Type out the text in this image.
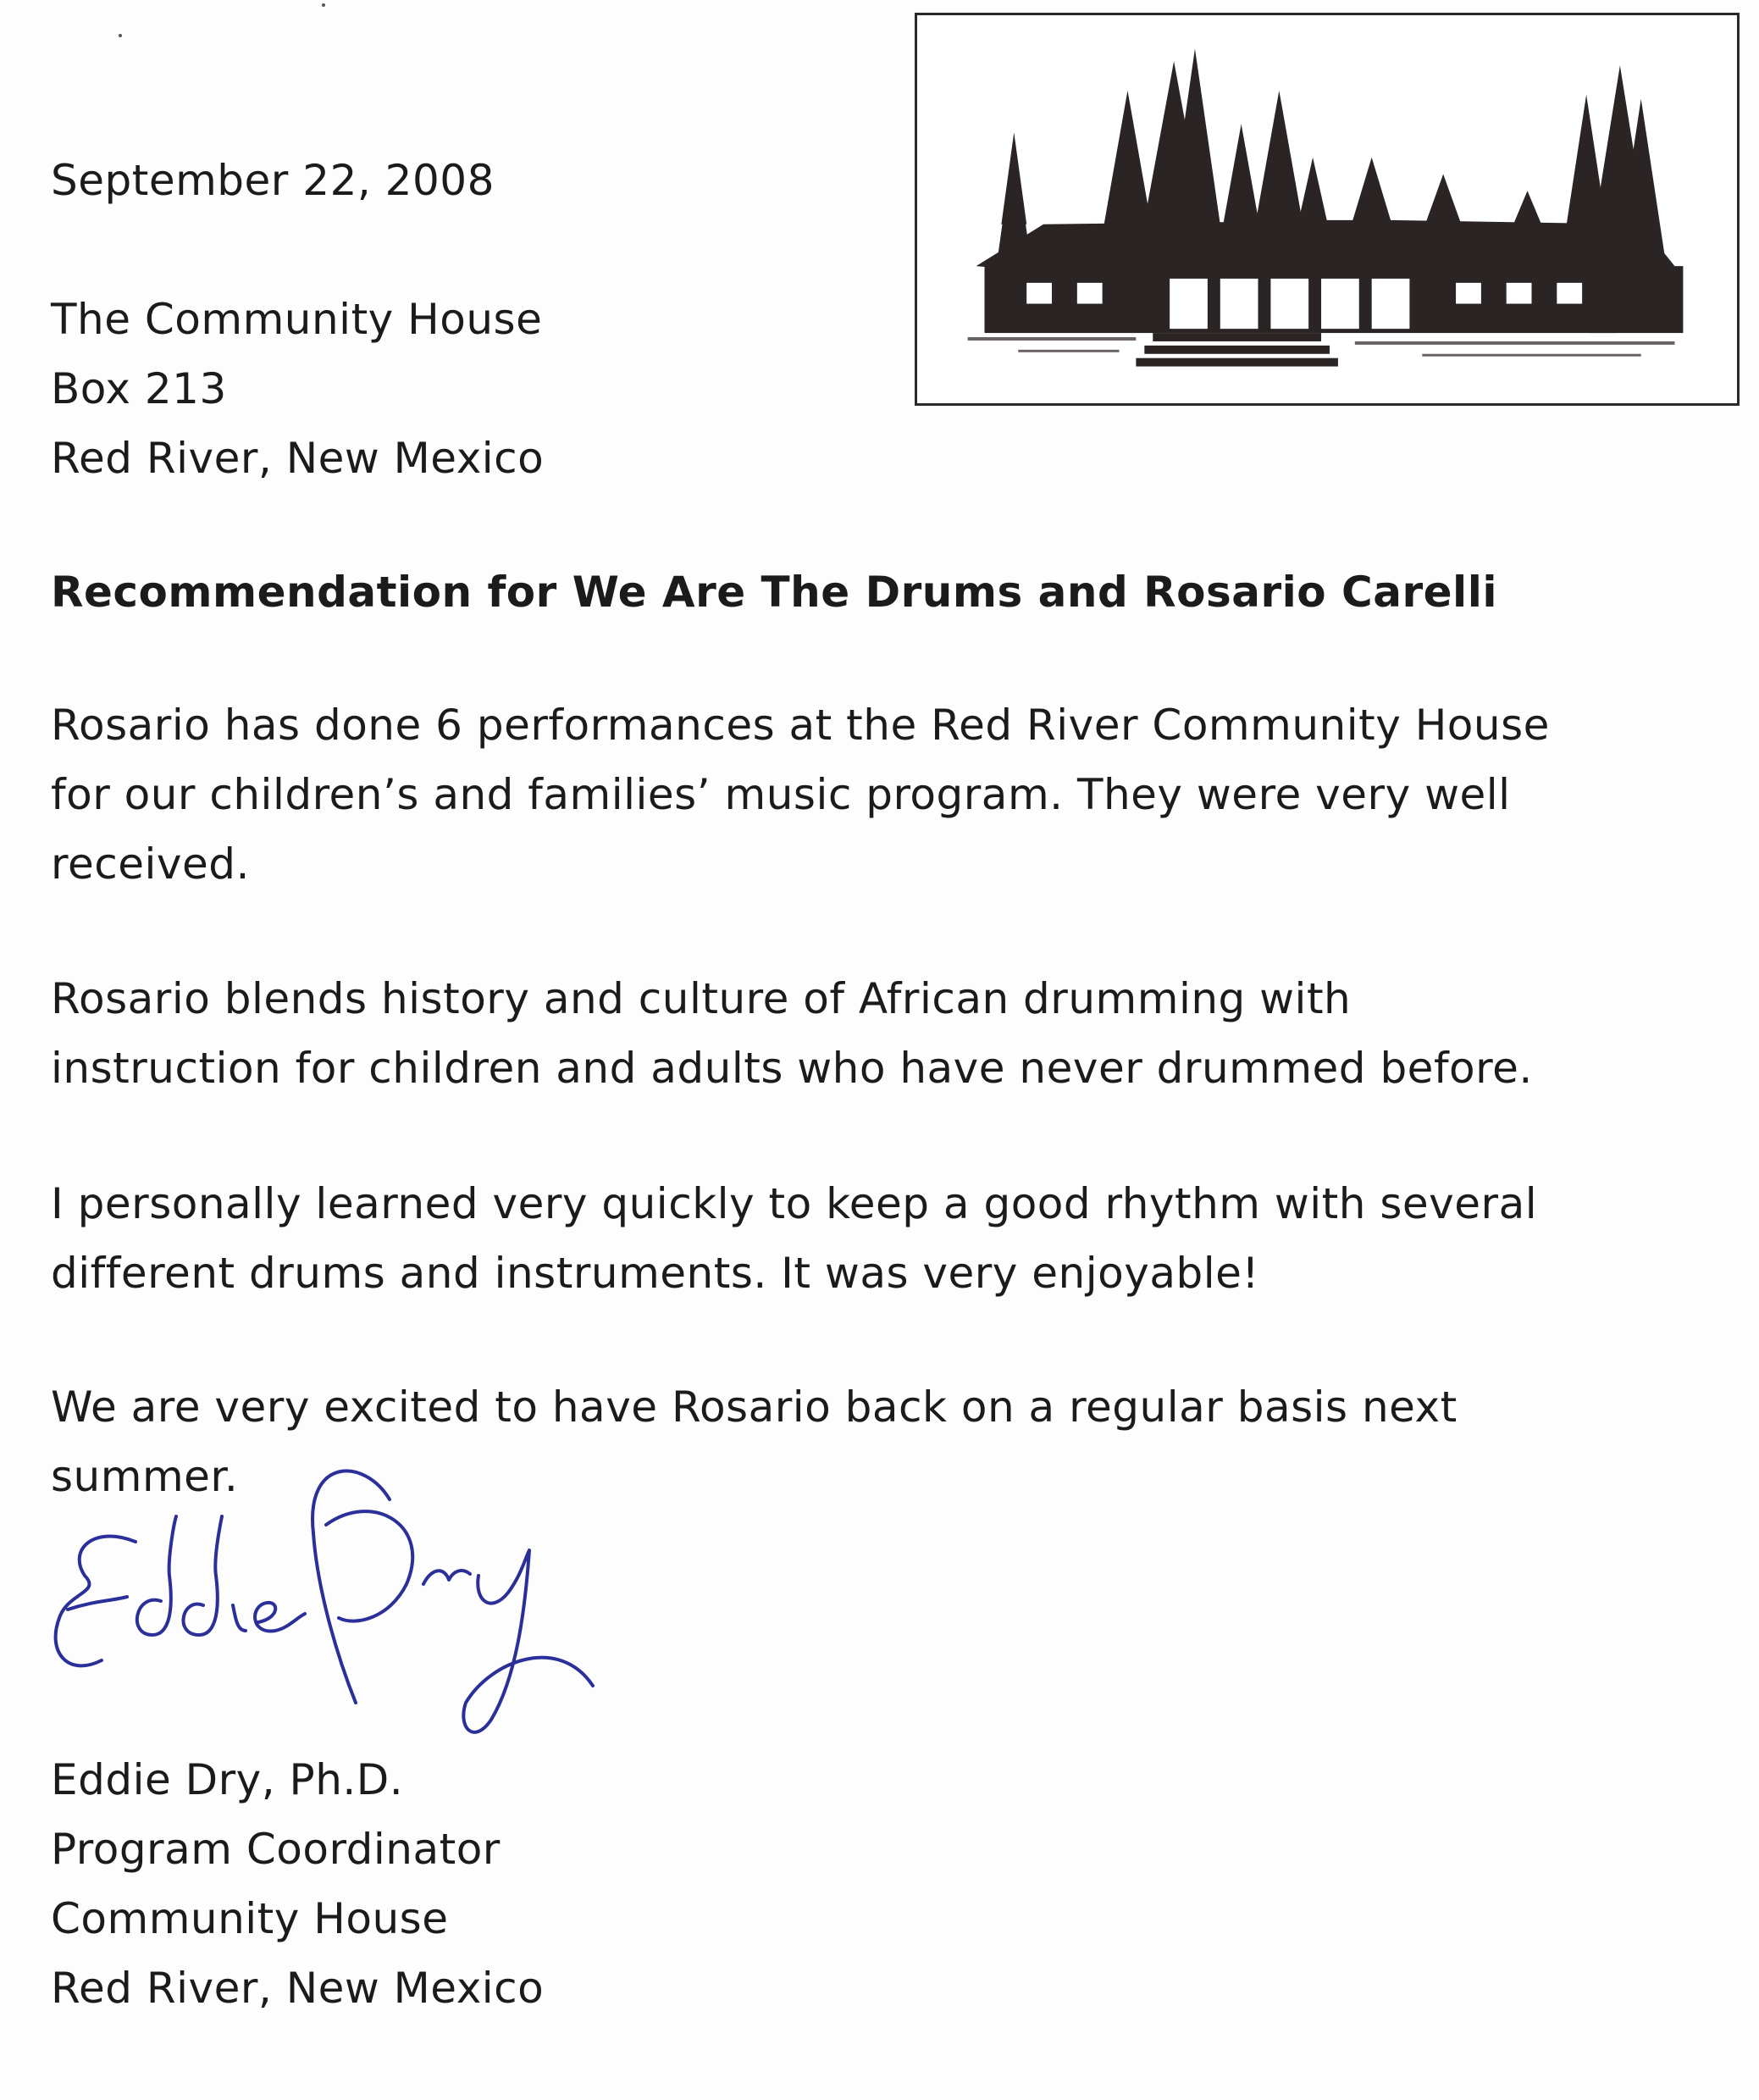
September 22, 2008
The Community House
Box 213
Red River, New Mexico
Recommendation for We Are The Drums and Rosario Carelli
Rosario has done 6 performances at the Red River Community House
for our children’s and families’ music program. They were very well
received.
Rosario blends history and culture of African drumming with
instruction for children and adults who have never drummed before.
I personally learned very quickly to keep a good rhythm with several
different drums and instruments. It was very enjoyable!
We are very excited to have Rosario back on a regular basis next
summer.
Eddie Dry, Ph.D.
Program Coordinator
Community House
Red River, New Mexico
